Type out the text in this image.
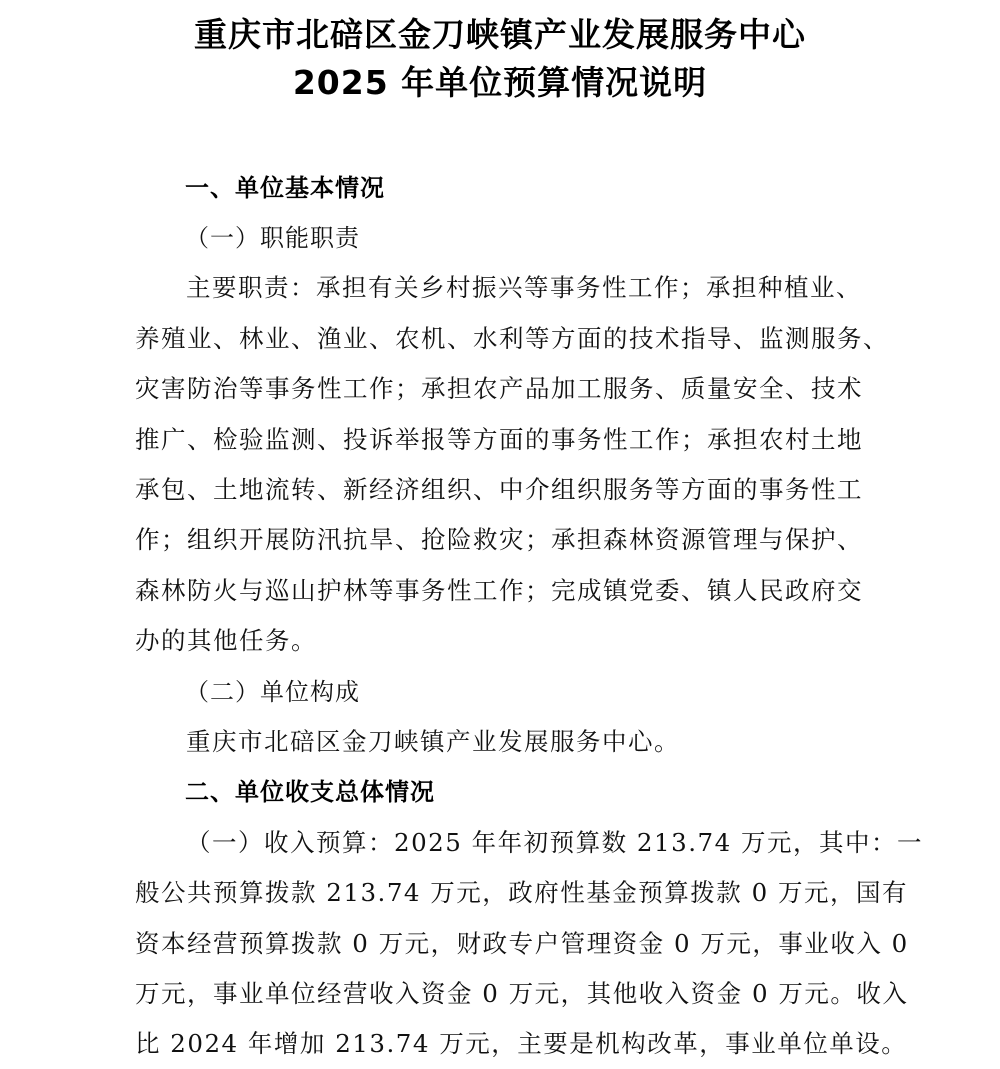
重庆市北碚区金刀峡镇产业发展服务中心
2025 年单位预算情况说明
一、单位基本情况
（一）职能职责
主要职责：承担有关乡村振兴等事务性工作；承担种植业、
养殖业、林业、渔业、农机、水利等方面的技术指导、监测服务、
灾害防治等事务性工作；承担农产品加工服务、质量安全、技术
推广、检验监测、投诉举报等方面的事务性工作；承担农村土地
承包、土地流转、新经济组织、中介组织服务等方面的事务性工
作；组织开展防汛抗旱、抢险救灾；承担森林资源管理与保护、
森林防火与巡山护林等事务性工作；完成镇党委、镇人民政府交
办的其他任务。
（二）单位构成
重庆市北碚区金刀峡镇产业发展服务中心。
二、单位收支总体情况
（一）收入预算：2025 年年初预算数 213.74 万元，其中：一
般公共预算拨款 213.74 万元，政府性基金预算拨款 0 万元，国有
资本经营预算拨款 0 万元，财政专户管理资金 0 万元，事业收入 0
万元，事业单位经营收入资金 0 万元，其他收入资金 0 万元。收入
比 2024 年增加 213.74 万元，主要是机构改革，事业单位单设。
